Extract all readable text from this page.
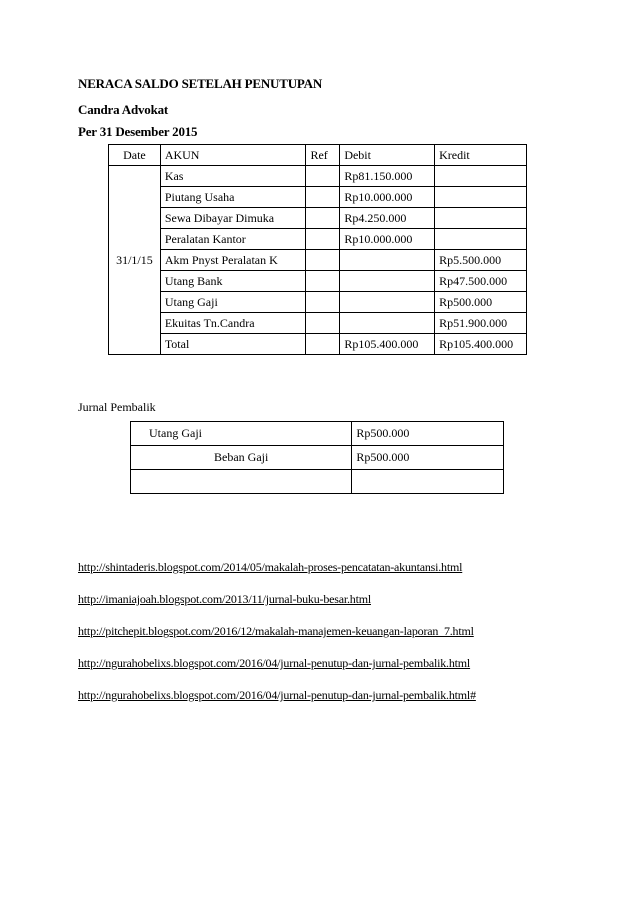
NERACA SALDO SETELAH PENUTUPAN
Candra Advokat
Per 31 Desember 2015
Date	AKUN	Ref	Debit	Kredit
31/1/15	Kas		Rp81.150.000	
	Piutang Usaha		Rp10.000.000	
	Sewa Dibayar Dimuka		Rp4.250.000	
	Peralatan Kantor		Rp10.000.000	
	Akm Pnyst Peralatan K			Rp5.500.000
	Utang Bank			Rp47.500.000
	Utang Gaji			Rp500.000
	Ekuitas Tn.Candra			Rp51.900.000
	Total		Rp105.400.000	Rp105.400.000
Jurnal Pembalik
Utang Gaji	Rp500.000
Beban Gaji	Rp500.000

http://shintaderis.blogspot.com/2014/05/makalah-proses-pencatatan-akuntansi.html
http://imaniajoah.blogspot.com/2013/11/jurnal-buku-besar.html
http://pitchepit.blogspot.com/2016/12/makalah-manajemen-keuangan-laporan_7.html
http://ngurahobelixs.blogspot.com/2016/04/jurnal-penutup-dan-jurnal-pembalik.html
http://ngurahobelixs.blogspot.com/2016/04/jurnal-penutup-dan-jurnal-pembalik.html#
